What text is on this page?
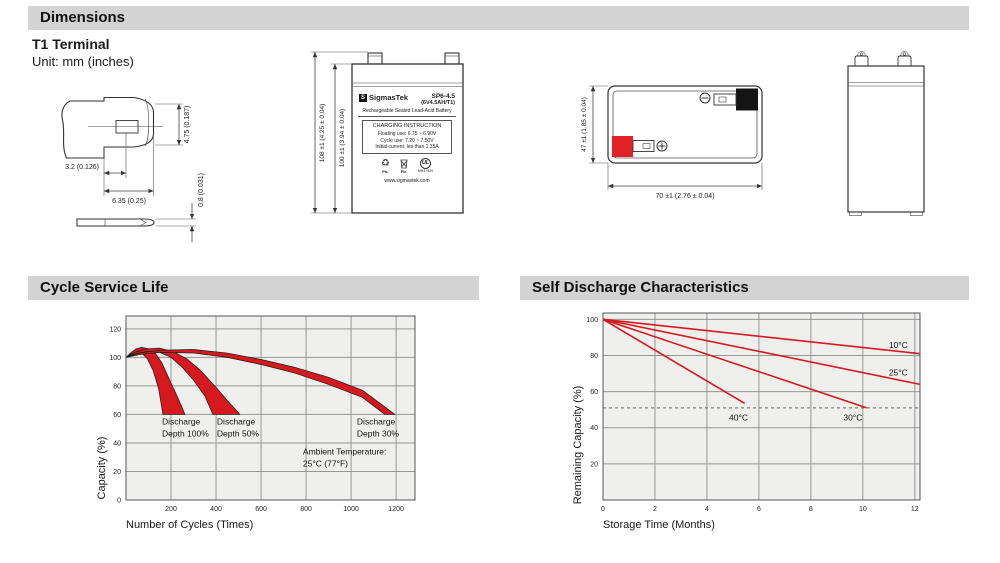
Dimensions
Cycle Service Life	Self Discharge Characteristics
T1 Terminal
Unit: mm (inches)
4.75 (0.187)
3.2 (0.126)
6.35 (0.25)	0.8 (0.031)
108 ±1 (4.25 ± 0.04) 100 ±1 (3.94 ± 0.04)	47 ±1 (1.85 ± 0.04)
70 ±1 (2.76 ± 0.04)
S SigmasTek	SP6-4.5
(6V4.5AH/T1)
Rechargeable Sealed Lead-Acid Battery
CHARGING INSTRUCTION
Floating use: 6.75 ~ 6.90V
Cycle use: 7.20 ~ 7.50V
Initial current: les than 1.35A
♻
Pb.	Pb.
UL
MH47929
www.sigmastek.com
0
20
40
60
80
100
120
200	400	600	800	1000	1200
Discharge
Depth 100%
Discharge
Depth 50%
Discharge
Depth 30%
Ambient Temperature:
25°C (77°F)
Number of Cycles (Times)
Capacity (%)	20
40
60
80
100
0	2	4	6	8	10	12
10°C
25°C
40°C	30°C
Storage Time (Months)
Remaining Capacity (%)
